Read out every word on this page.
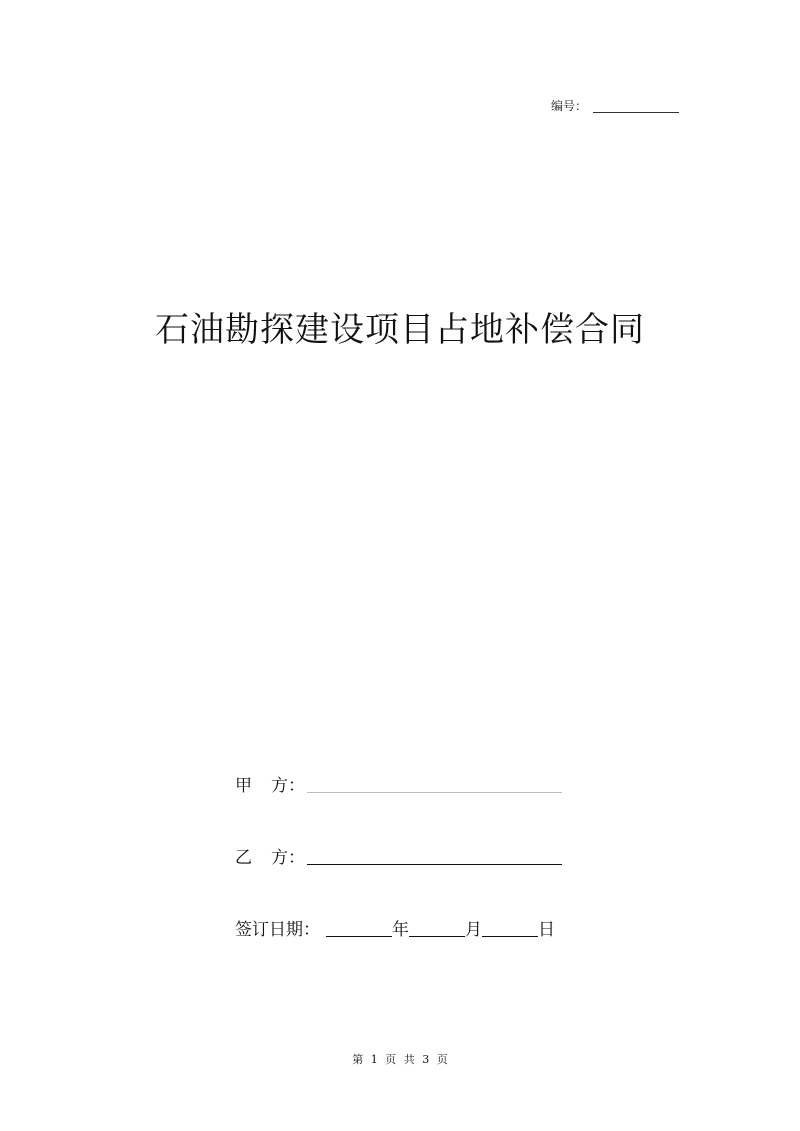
编号：
石油勘探建设项目占地补偿合同
甲 方：
乙 方：
签订日期：	年	月	日
第 1 页 共 3 页
